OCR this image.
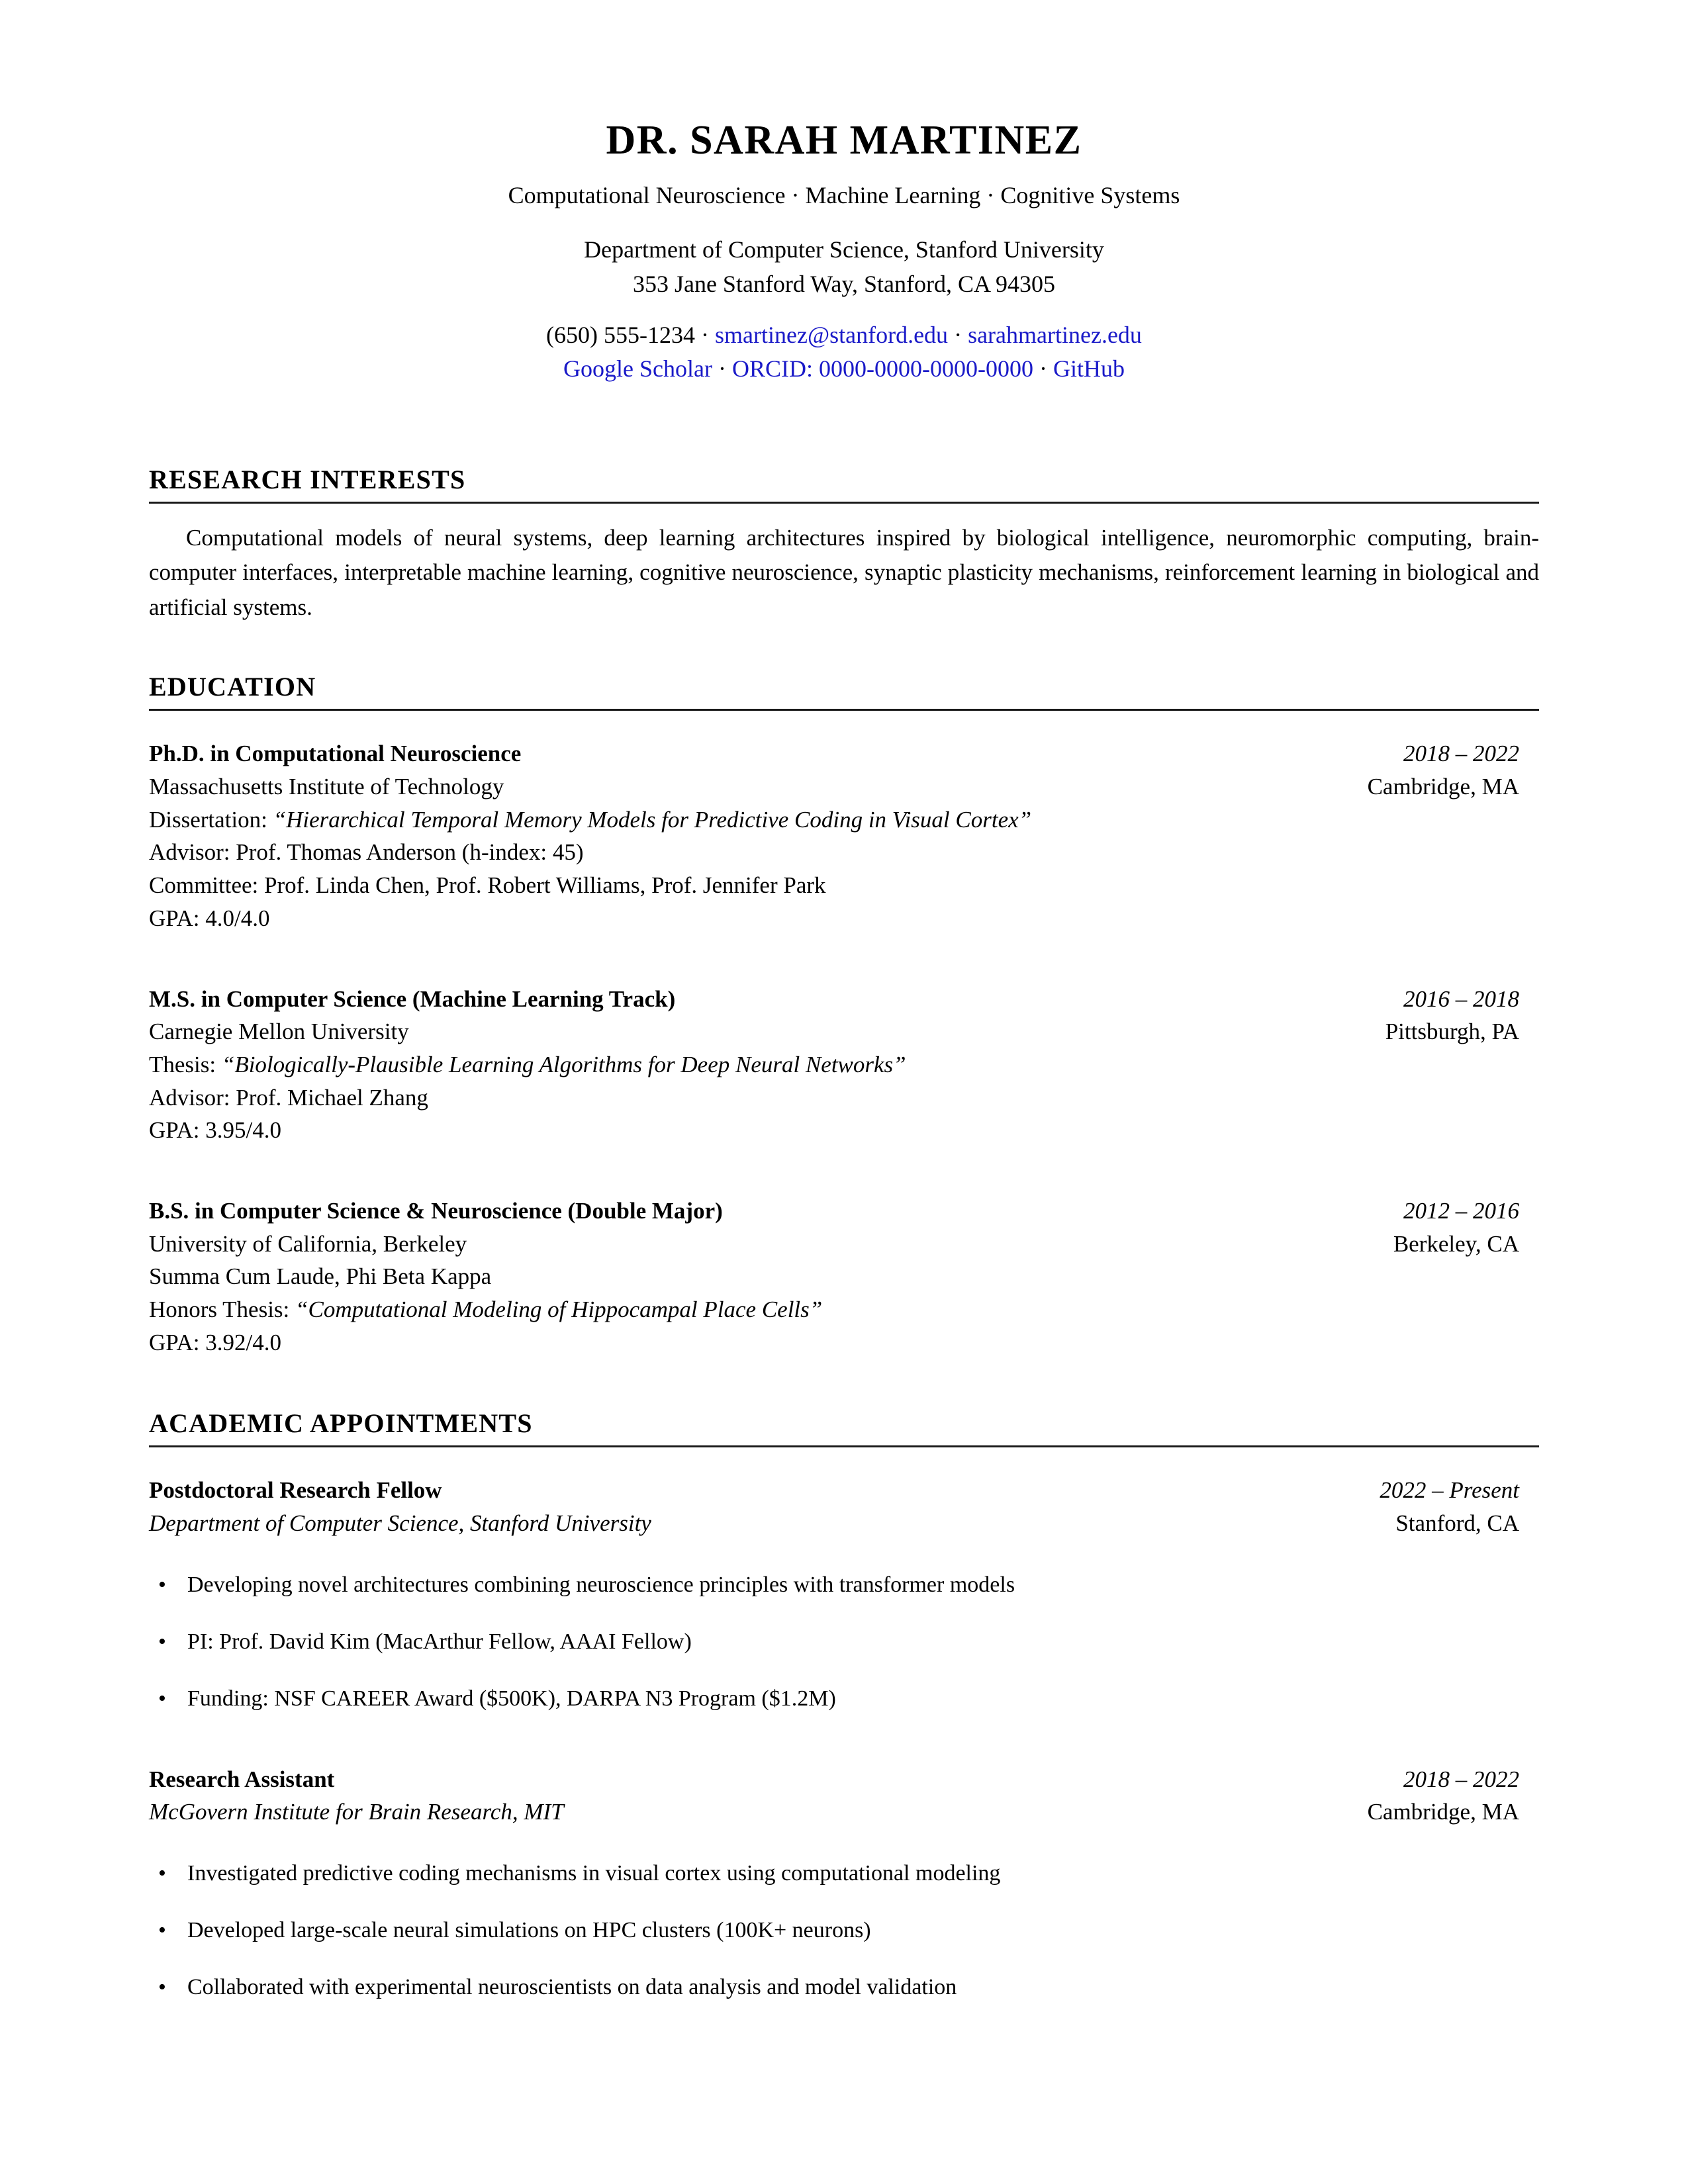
DR. SARAH MARTINEZ
Computational Neuroscience · Machine Learning · Cognitive Systems
Department of Computer Science, Stanford University
353 Jane Stanford Way, Stanford, CA 94305
(650) 555-1234 · smartinez@stanford.edu · sarahmartinez.edu
Google Scholar · ORCID: 0000-0000-0000-0000 · GitHub
RESEARCH INTERESTS

Computational models of neural systems, deep learning architectures inspired by biological intelligence, neuromorphic computing, brain-computer interfaces, interpretable machine learning, cognitive neuroscience, synaptic plasticity mechanisms, reinforcement learning in biological and artificial systems.

EDUCATION
Ph.D. in Computational Neuroscience	2018 – 2022
Massachusetts Institute of Technology	Cambridge, MA
Dissertation: “Hierarchical Temporal Memory Models for Predictive Coding in Visual Cortex”
Advisor: Prof. Thomas Anderson (h-index: 45)
Committee: Prof. Linda Chen, Prof. Robert Williams, Prof. Jennifer Park
GPA: 4.0/4.0
M.S. in Computer Science (Machine Learning Track)	2016 – 2018
Carnegie Mellon University	Pittsburgh, PA
Thesis: “Biologically-Plausible Learning Algorithms for Deep Neural Networks”
Advisor: Prof. Michael Zhang
GPA: 3.95/4.0
B.S. in Computer Science & Neuroscience (Double Major)	2012 – 2016
University of California, Berkeley	Berkeley, CA
Summa Cum Laude, Phi Beta Kappa
Honors Thesis: “Computational Modeling of Hippocampal Place Cells”
GPA: 3.92/4.0
ACADEMIC APPOINTMENTS
Postdoctoral Research Fellow	2022 – Present
Department of Computer Science, Stanford University	Stanford, CA
• Developing novel architectures combining neuroscience principles with transformer models
• PI: Prof. David Kim (MacArthur Fellow, AAAI Fellow)
• Funding: NSF CAREER Award ($500K), DARPA N3 Program ($1.2M)
Research Assistant	2018 – 2022
McGovern Institute for Brain Research, MIT	Cambridge, MA
• Investigated predictive coding mechanisms in visual cortex using computational modeling
• Developed large-scale neural simulations on HPC clusters (100K+ neurons)
• Collaborated with experimental neuroscientists on data analysis and model validation
